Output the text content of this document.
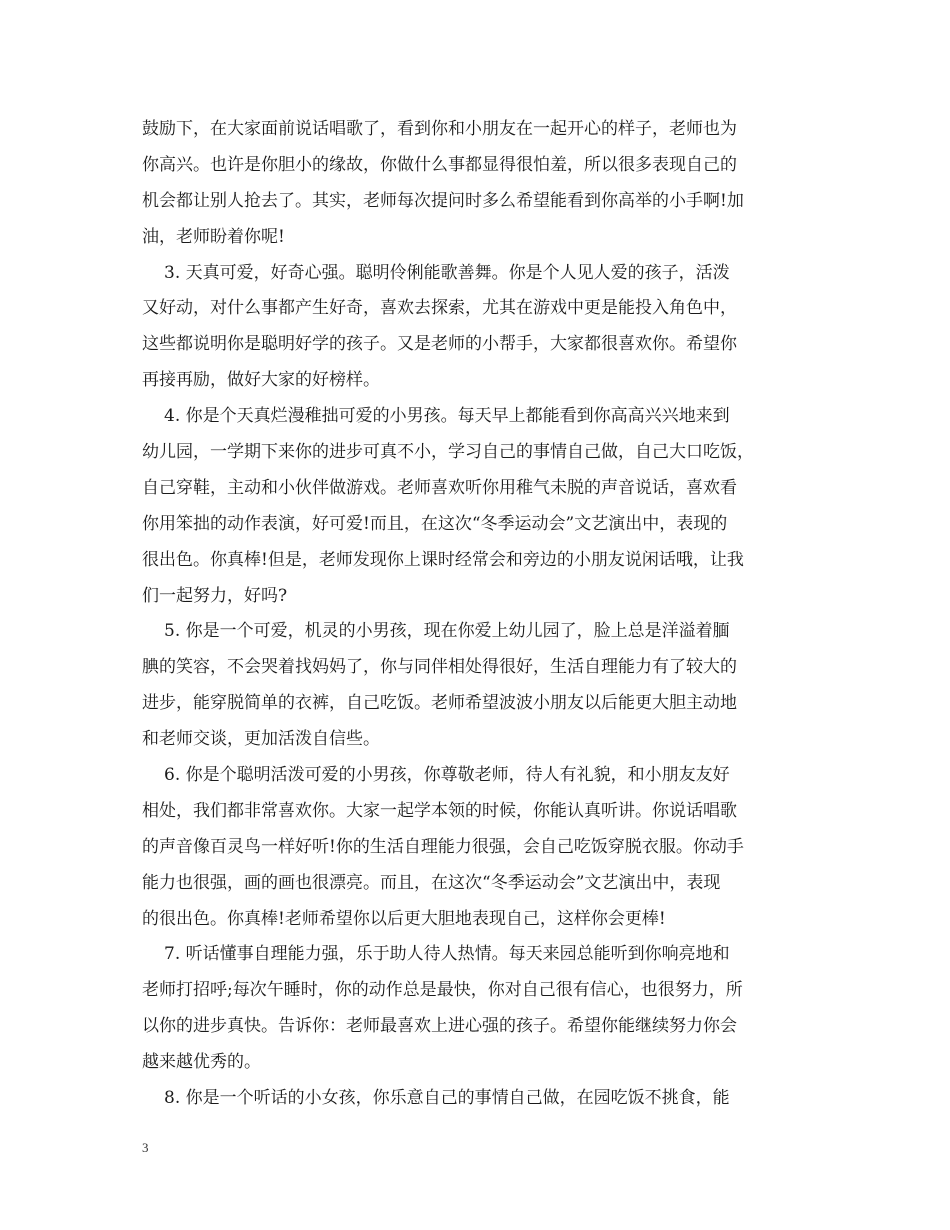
鼓励下，在大家面前说话唱歌了，看到你和小朋友在一起开心的样子，老师也为
你高兴。也许是你胆小的缘故，你做什么事都显得很怕羞，所以很多表现自己的
机会都让别人抢去了。其实，老师每次提问时多么希望能看到你高举的小手啊!加
油，老师盼着你呢!
3. 天真可爱，好奇心强。聪明伶俐能歌善舞。你是个人见人爱的孩子，活泼
又好动，对什么事都产生好奇，喜欢去探索，尤其在游戏中更是能投入角色中，
这些都说明你是聪明好学的孩子。又是老师的小帮手，大家都很喜欢你。希望你
再接再励，做好大家的好榜样。
4. 你是个天真烂漫稚拙可爱的小男孩。每天早上都能看到你高高兴兴地来到
幼儿园，一学期下来你的进步可真不小，学习自己的事情自己做，自己大口吃饭，
自己穿鞋，主动和小伙伴做游戏。老师喜欢听你用稚气未脱的声音说话，喜欢看
你用笨拙的动作表演，好可爱!而且，在这次“冬季运动会”文艺演出中，表现的
很出色。你真棒!但是，老师发现你上课时经常会和旁边的小朋友说闲话哦，让我
们一起努力，好吗?
5. 你是一个可爱，机灵的小男孩，现在你爱上幼儿园了，脸上总是洋溢着腼
腆的笑容，不会哭着找妈妈了，你与同伴相处得很好，生活自理能力有了较大的
进步，能穿脱简单的衣裤，自己吃饭。老师希望波波小朋友以后能更大胆主动地
和老师交谈，更加活泼自信些。
6. 你是个聪明活泼可爱的小男孩，你尊敬老师，待人有礼貌，和小朋友友好
相处，我们都非常喜欢你。大家一起学本领的时候，你能认真听讲。你说话唱歌
的声音像百灵鸟一样好听!你的生活自理能力很强，会自己吃饭穿脱衣服。你动手
能力也很强，画的画也很漂亮。而且，在这次“冬季运动会”文艺演出中，表现
的很出色。你真棒!老师希望你以后更大胆地表现自己，这样你会更棒!
7. 听话懂事自理能力强，乐于助人待人热情。每天来园总能听到你响亮地和
老师打招呼;每次午睡时，你的动作总是最快，你对自己很有信心，也很努力，所
以你的进步真快。告诉你：老师最喜欢上进心强的孩子。希望你能继续努力你会
越来越优秀的。
8. 你是一个听话的小女孩，你乐意自己的事情自己做，在园吃饭不挑食，能
3
